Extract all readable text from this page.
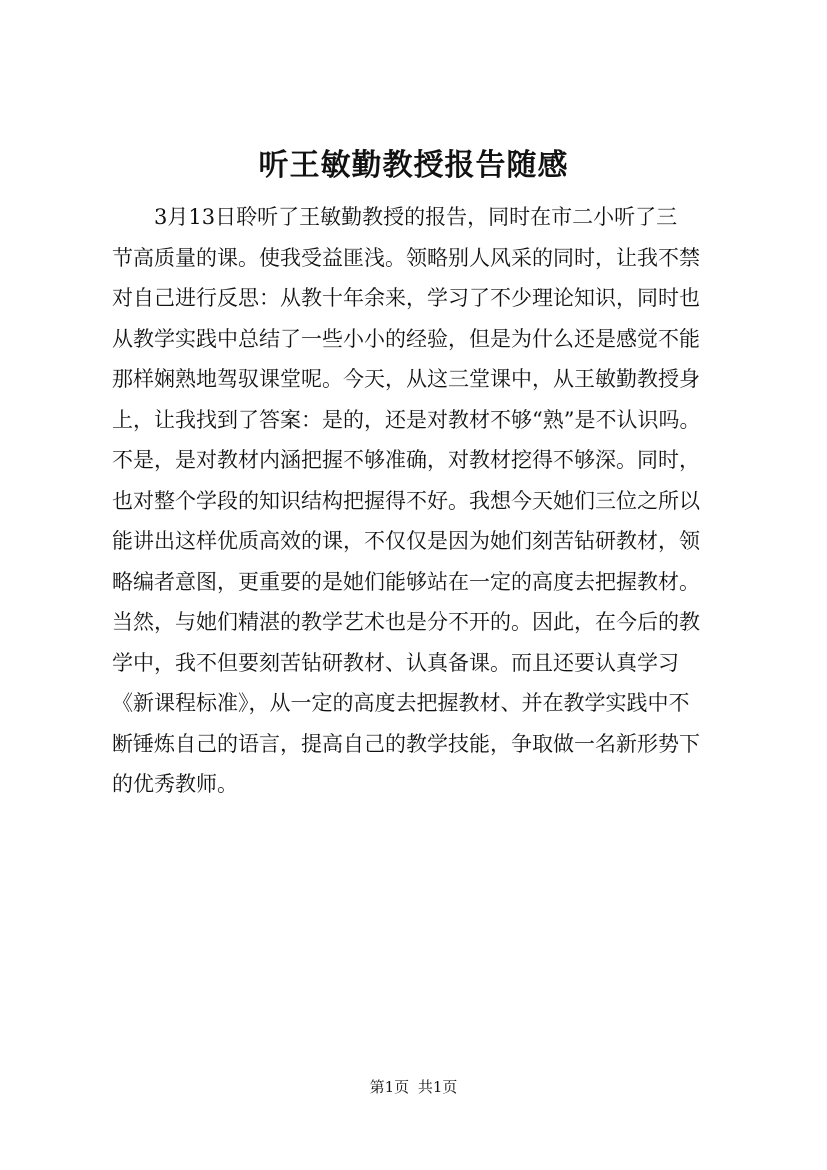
听王敏勤教授报告随感
3月13日聆听了王敏勤教授的报告，同时在市二小听了三
节高质量的课。使我受益匪浅。领略别人风采的同时，让我不禁
对自己进行反思：从教十年余来，学习了不少理论知识，同时也
从教学实践中总结了一些小小的经验，但是为什么还是感觉不能
那样娴熟地驾驭课堂呢。今天，从这三堂课中，从王敏勤教授身
上，让我找到了答案：是的，还是对教材不够“熟”是不认识吗。
不是，是对教材内涵把握不够准确，对教材挖得不够深。同时，
也对整个学段的知识结构把握得不好。我想今天她们三位之所以
能讲出这样优质高效的课，不仅仅是因为她们刻苦钻研教材，领
略编者意图，更重要的是她们能够站在一定的高度去把握教材。
当然，与她们精湛的教学艺术也是分不开的。因此，在今后的教
学中，我不但要刻苦钻研教材、认真备课。而且还要认真学习
《新课程标准》，从一定的高度去把握教材、并在教学实践中不
断锤炼自己的语言，提高自己的教学技能，争取做一名新形势下
的优秀教师。
第1页 共1页
